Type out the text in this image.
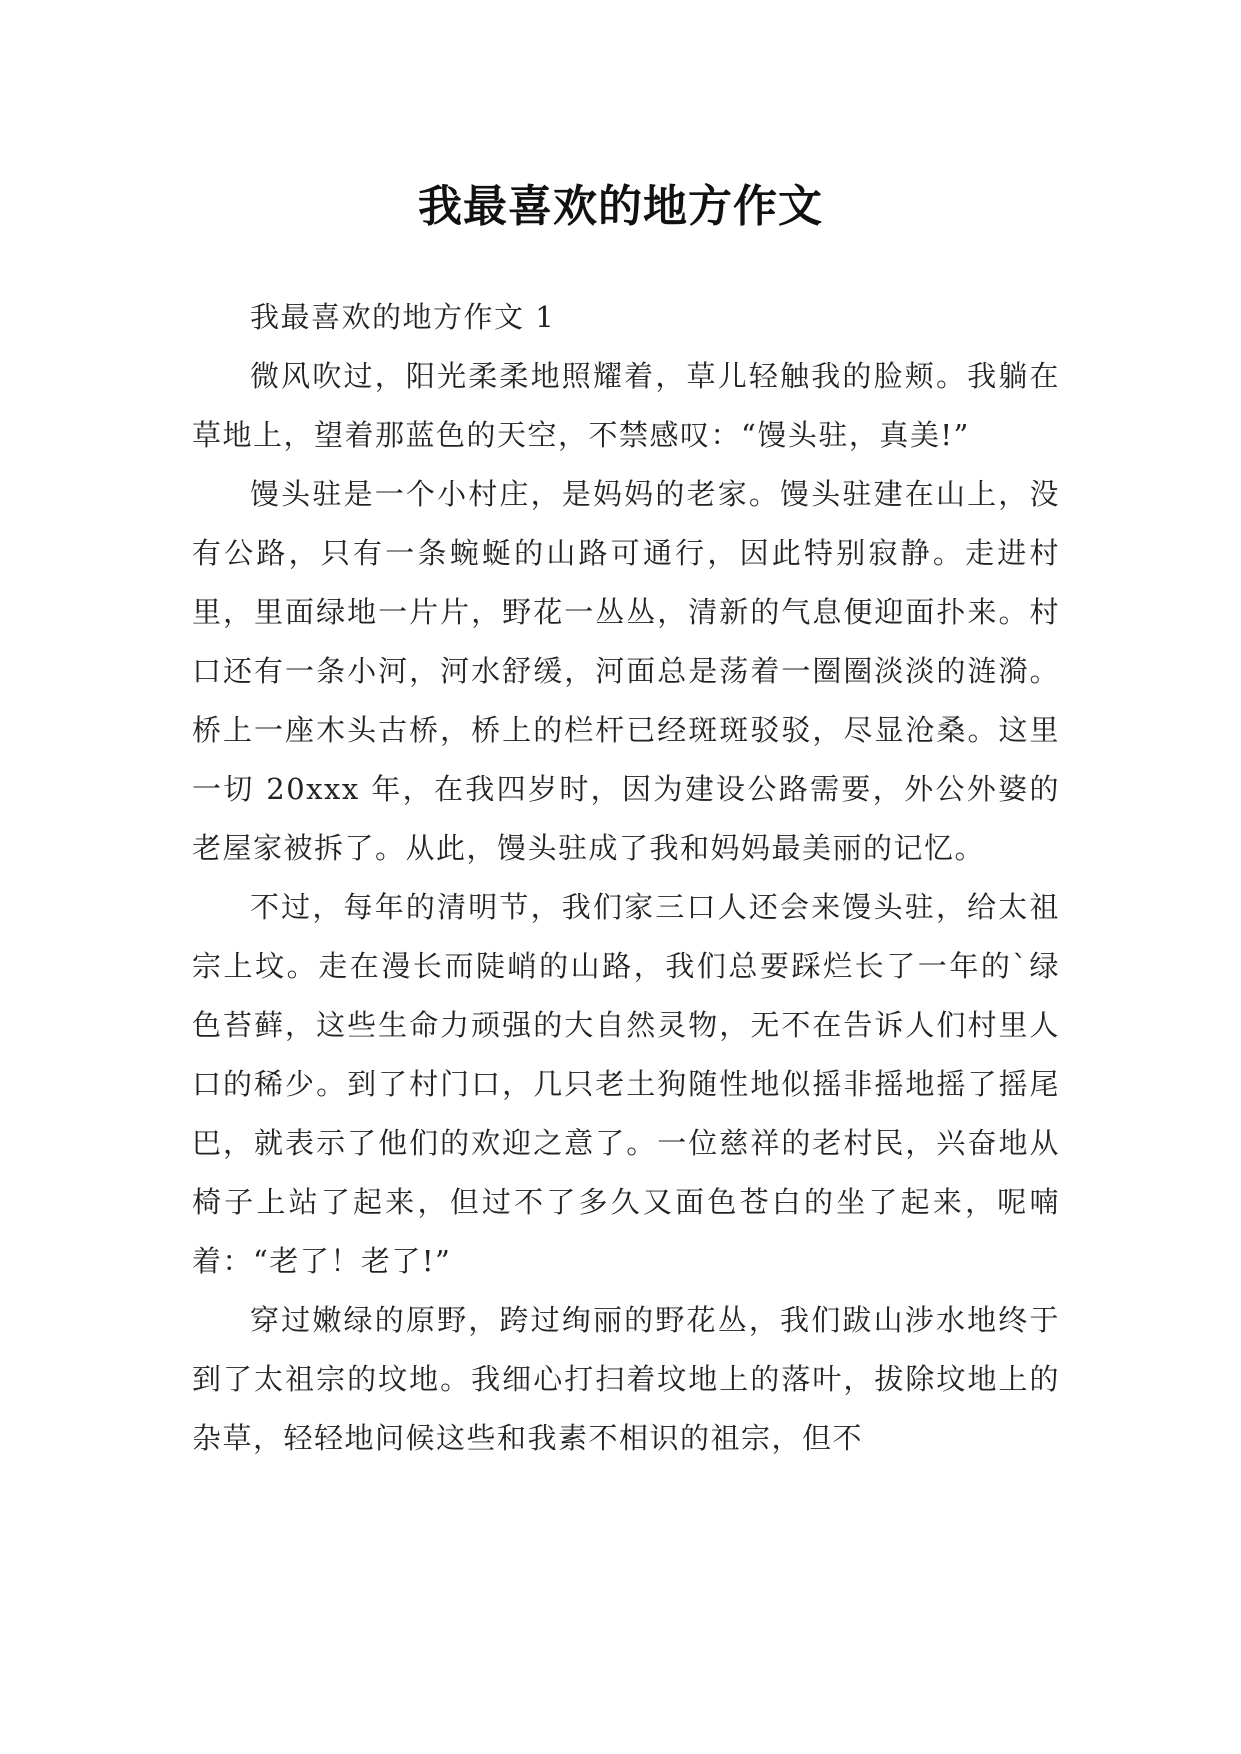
我最喜欢的地方作文

我最喜欢的地方作文 1

微风吹过，阳光柔柔地照耀着，草儿轻触我的脸颊。我躺在草地上，望着那蓝色的天空，不禁感叹：“馒头驻，真美!”

馒头驻是一个小村庄，是妈妈的老家。馒头驻建在山上，没有公路，只有一条蜿蜒的山路可通行，因此特别寂静。走进村里，里面绿地一片片，野花一丛丛，清新的气息便迎面扑来。村口还有一条小河，河水舒缓，河面总是荡着一圈圈淡淡的涟漪。桥上一座木头古桥，桥上的栏杆已经斑斑驳驳，尽显沧桑。这里一切 20xxx 年，在我四岁时，因为建设公路需要，外公外婆的老屋家被拆了。从此，馒头驻成了我和妈妈最美丽的记忆。

不过，每年的清明节，我们家三口人还会来馒头驻，给太祖宗上坟。走在漫长而陡峭的山路，我们总要踩烂长了一年的`绿色苔藓，这些生命力顽强的大自然灵物，无不在告诉人们村里人口的稀少。到了村门口，几只老土狗随性地似摇非摇地摇了摇尾巴，就表示了他们的欢迎之意了。一位慈祥的老村民，兴奋地从椅子上站了起来，但过不了多久又面色苍白的坐了起来，呢喃着：“老了！老了!”

穿过嫩绿的原野，跨过绚丽的野花丛，我们跋山涉水地终于到了太祖宗的坟地。我细心打扫着坟地上的落叶，拔除坟地上的杂草，轻轻地问候这些和我素不相识的祖宗，但不
